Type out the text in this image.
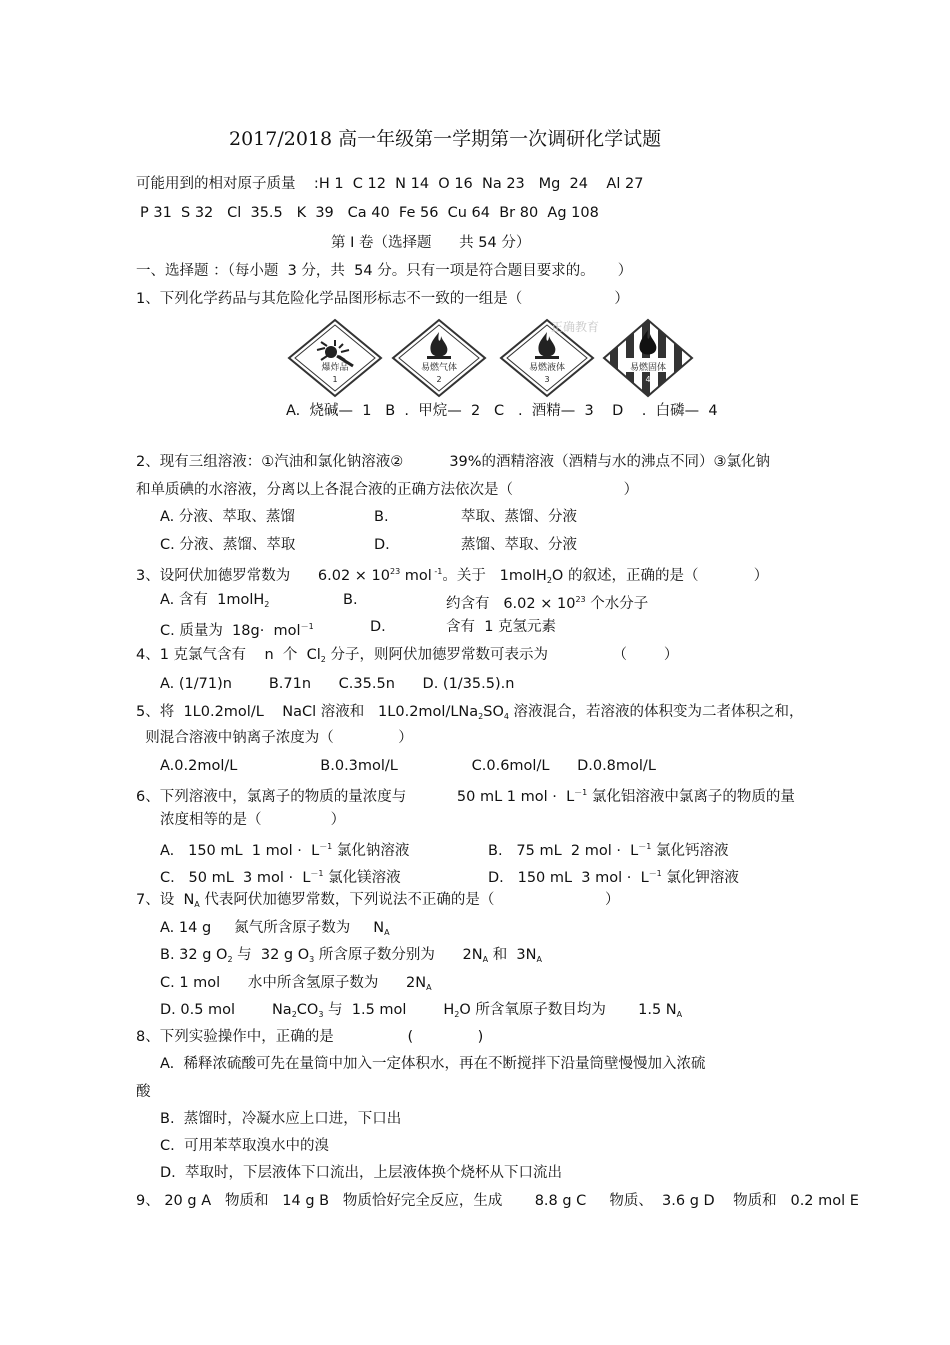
2017/2018 高一年级第一学期第一次调研化学试题
可能用到的相对原子质量    :H 1  C 12  N 14  O 16  Na 23   Mg  24    Al 27
P 31  S 32   Cl  35.5   K  39   Ca 40  Fe 56  Cu 64  Br 80  Ag 108
第 I 卷（选择题      共 54 分）
一、选择题 ：（每小题  3 分，共  54 分。只有一项是符合题目要求的。     ）
1、下列化学药品与其危险化学品图形标志不一致的一组是（                    ）
爆炸品
1
易燃气体
2
易燃液体
3
易燃固体
4
正确教育
A.  烧碱—  1   B  .  甲烷—  2   C   .  酒精—  3    D    .  白磷—  4
2、现有三组溶液：①汽油和氯化钠溶液②          39%的酒精溶液（酒精与水的沸点不同）③氯化钠
和单质碘的水溶液，分离以上各混合液的正确方法依次是（                        ）
A. 分液、萃取、蒸馏	B.	萃取、蒸馏、分液
C. 分液、蒸馏、萃取	D.	蒸馏、萃取、分液
3、设阿伏加德罗常数为      $6.02 \times 10^{23}$ mol $^{-1}$。关于   1molH$_2$O 的叙述，正确的是（            ）
A. 含有  1molH$_2$	B.	约含有   $6.02 \times 10^{23}$ 个水分子
C. 质量为  18g·  mol$^{-1}$	D.	含有  1 克氢元素
4、1 克氯气含有    n  个  $Cl_2$ 分子，则阿伏加德罗常数可表示为              （        ）
A. (1/71)n        B.71n      C.35.5n      D. (1/35.5).n
5、将  1L0.2mol/L    NaCl 溶液和   $1L0.2mol/LNa_2SO_4$ 溶液混合，若溶液的体积变为二者体积之和，
则混合溶液中钠离子浓度为（              ）
A.0.2mol/L                  B.0.3mol/L                C.0.6mol/L      D.0.8mol/L
6、下列溶液中，氯离子的物质的量浓度与           50 mL 1 mol ·  $L^{-1}$ 氯化铝溶液中氯离子的物质的量
浓度相等的是（               ）
A.   150 mL  1 mol ·  $L^{-1}$ 氯化钠溶液	B.   75 mL  2 mol ·  $L^{-1}$ 氯化钙溶液
C.   50 mL  3 mol ·  $L^{-1}$ 氯化镁溶液	D.   150 mL  3 mol ·  $L^{-1}$ 氯化钾溶液
7、设  $N_A$ 代表阿伏加德罗常数，下列说法不正确的是（                        ）
A. 14 g     氮气所含原子数为     $N_A$
B. 32 g $O_2$ 与  32 g $O_3$ 所含原子数分别为      $2N_A$ 和  $3N_A$
C. 1 mol      水中所含氢原子数为      $2N_A$
D. 0.5 mol        $Na_2CO_3$ 与  1.5 mol        $H_2O$ 所含氧原子数目均为       1.5 $N_A$
8、下列实验操作中，正确的是                (              )
A.  稀释浓硫酸可先在量筒中加入一定体积水，再在不断搅拌下沿量筒壁慢慢加入浓硫
酸
B.  蒸馏时，冷凝水应上口进，下口出
C.  可用苯萃取溴水中的溴
D.  萃取时，下层液体下口流出，上层液体换个烧杯从下口流出
9、 20 g A   物质和   14 g B   物质恰好完全反应，生成       8.8 g C     物质、  3.6 g D    物质和   0.2 mol E
